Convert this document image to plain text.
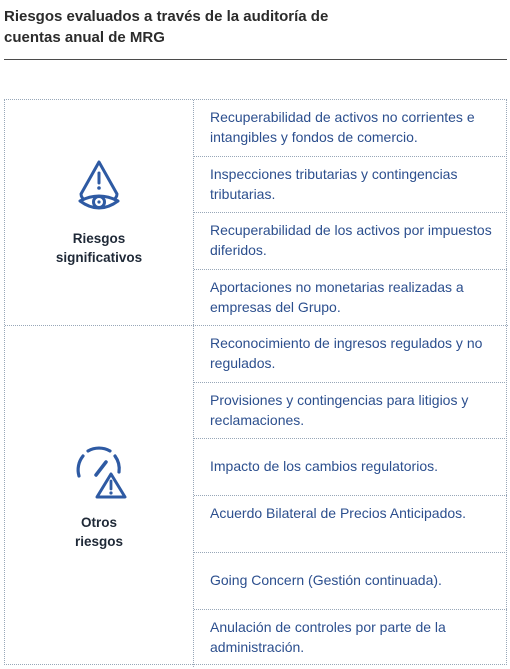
Riesgos evaluados a través de la auditoría de
cuentas anual de MRG
Riesgos
significativos
Recuperabilidad de activos no corrientes e intangibles y fondos de comercio.
Inspecciones tributarias y contingencias tributarias.
Recuperabilidad de los activos por impuestos diferidos.
Aportaciones no monetarias realizadas a empresas del Grupo.
Otros
riesgos
Reconocimiento de ingresos regulados y no regulados.
Provisiones y contingencias para litigios y reclamaciones.
Impacto de los cambios regulatorios.
Acuerdo Bilateral de Precios Anticipados.
Going Concern (Gestión continuada).
Anulación de controles por parte de la administración.
